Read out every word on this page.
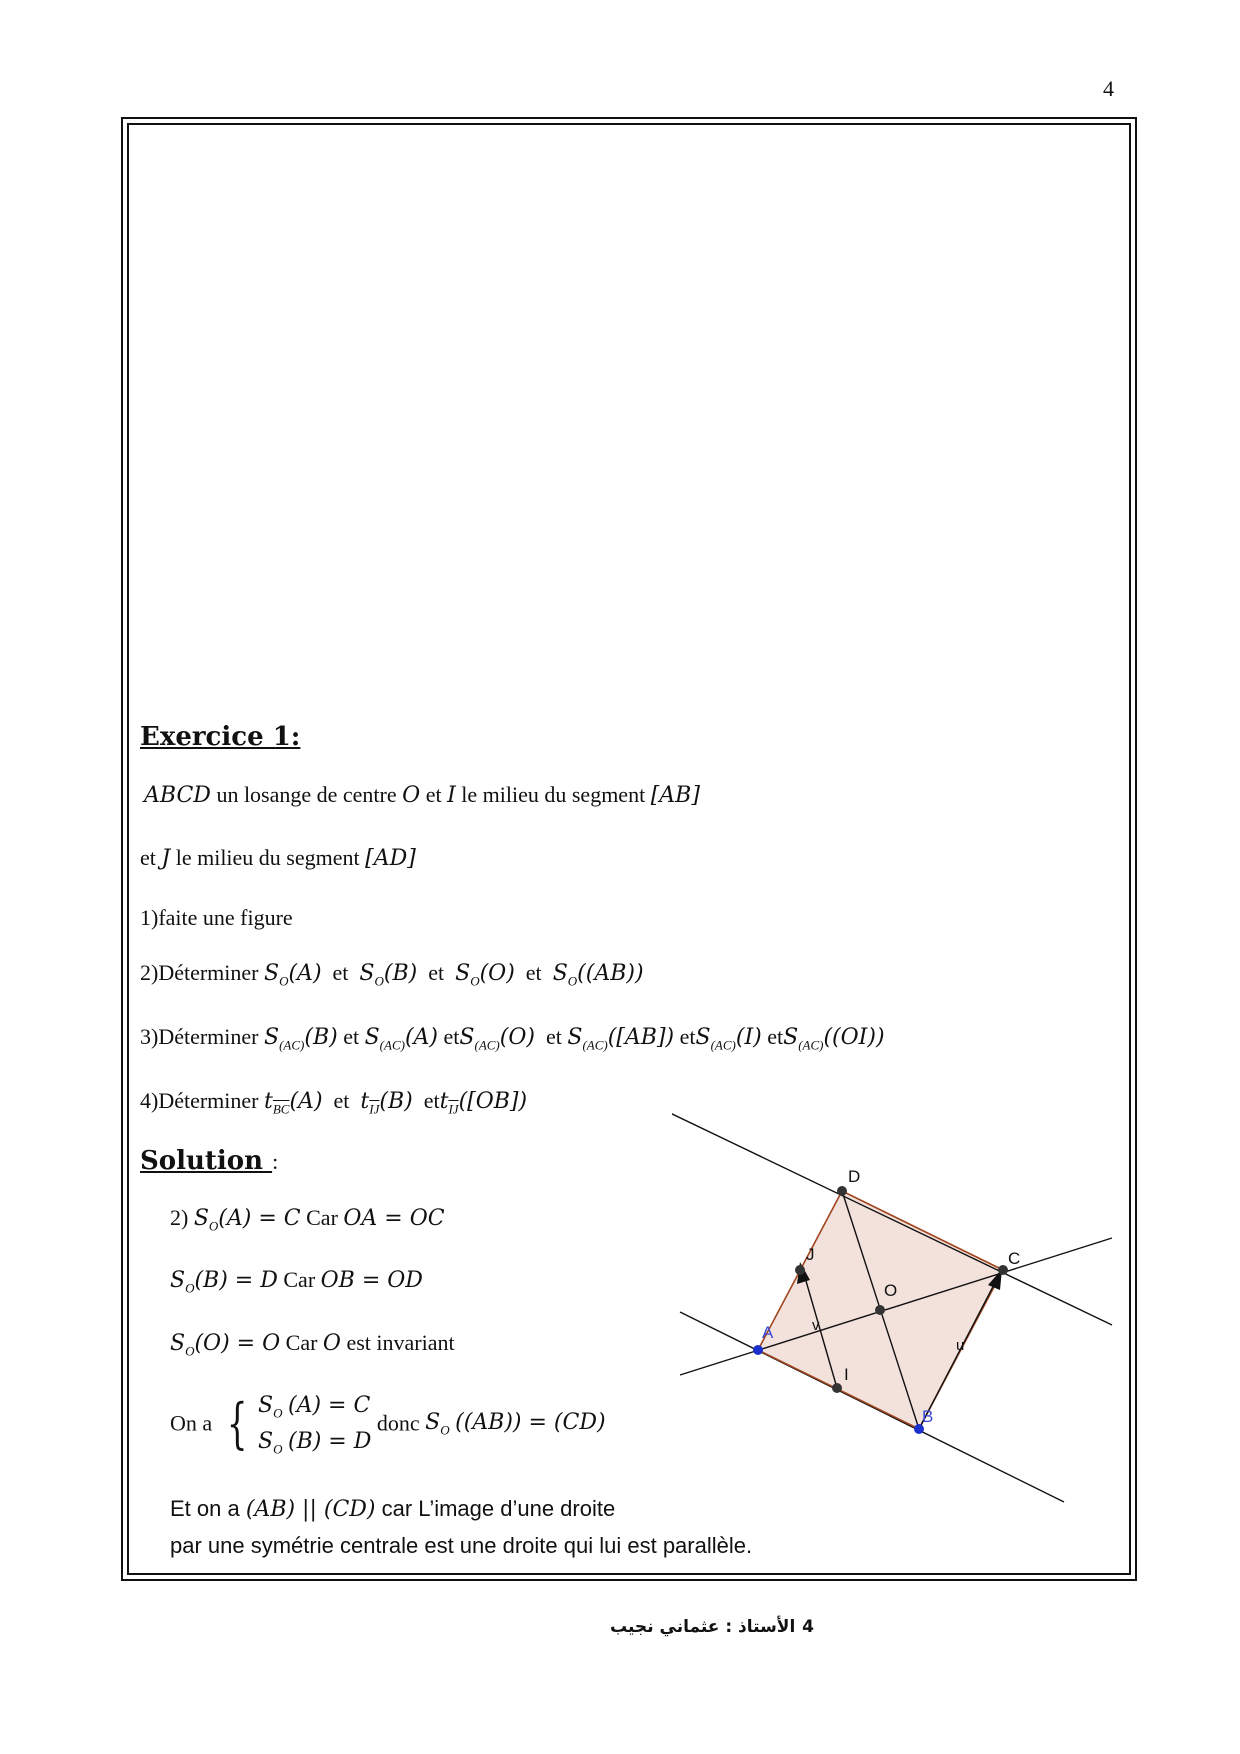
4
Exercice 1:
ABCD un losange de centre O et I le milieu du segment [AB]
et J le milieu du segment [AD]
1)faite une figure
2)Déterminer $S_O(A)$ et $S_O(B)$ et $S_O(O)$ et $S_O((AB))$
3)Déterminer $S_{(AC)}(B)$ et $S_{(AC)}(A)$ etS$_{(AC)}$(O) et $S_{(AC)}([AB])$ etS$_{(AC)}$(I) etS$_{(AC)}$((OI))
4)Déterminer $t_{\overline{BC}}(A)$ et $t_{\overline{IJ}}(B)$ ett$_{\overline{IJ}}$([OB])
Solution :
2) $S_O(A) = C$ Car OA = OC
$S_O(B) = D$ Car OB = OD
$S_O(O) = O$ Car O est invariant
On a { $S_O$ (A) = C
$S_O$ (B) = D
donc $S_O$ ((AB)) = (CD)
Et on a (AB) || (CD) car L’image d’une droite
par une symétrie centrale est une droite qui lui est parallèle.
A
B
C
D
O
I
J
u
v
الأستاذ : عثماني نجيب 4
